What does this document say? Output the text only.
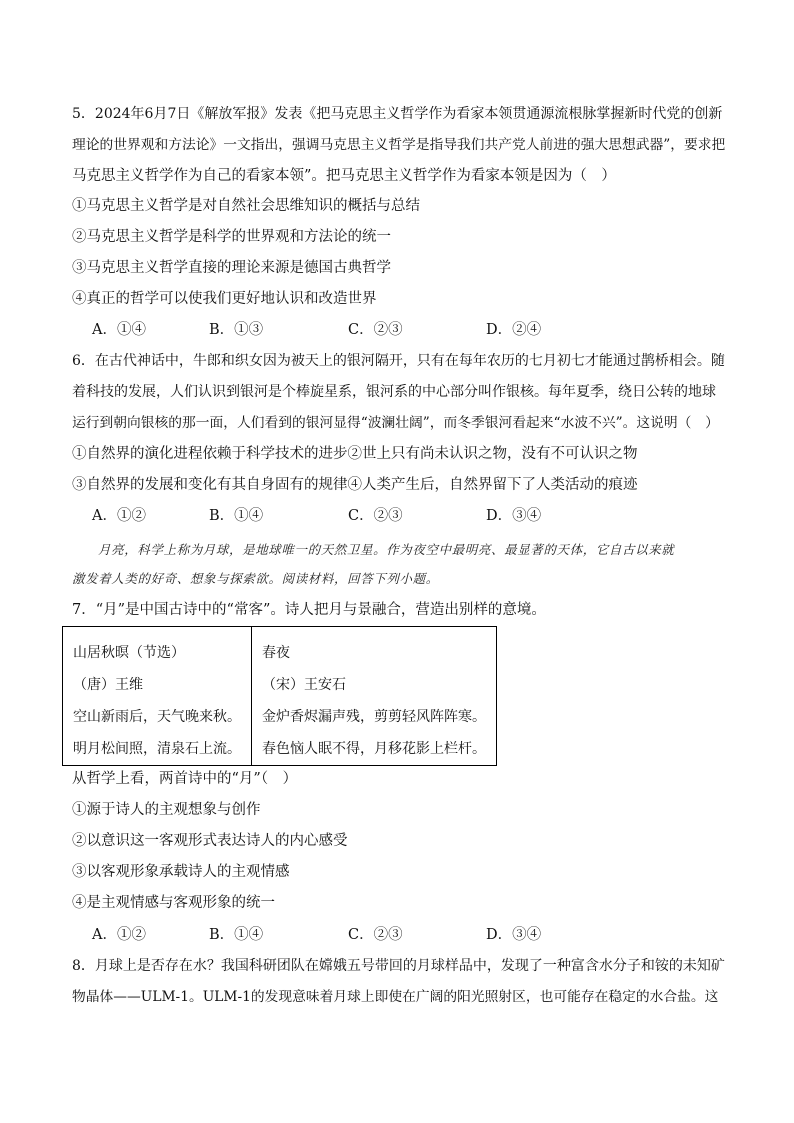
5．2024年6月7日《解放军报》发表《把马克思主义哲学作为看家本领贯通源流根脉掌握新时代党的创新
理论的世界观和方法论》一文指出，强调马克思主义哲学是指导我们共产党人前进的强大思想武器”，要求把
马克思主义哲学作为自己的看家本领”。把马克思主义哲学作为看家本领是因为（　）
①马克思主义哲学是对自然社会思维知识的概括与总结
②马克思主义哲学是科学的世界观和方法论的统一
③马克思主义哲学直接的理论来源是德国古典哲学
④真正的哲学可以使我们更好地认识和改造世界
A．①④	B．①③	C．②③	D．②④
6．在古代神话中，牛郎和织女因为被天上的银河隔开，只有在每年农历的七月初七才能通过鹊桥相会。随
着科技的发展，人们认识到银河是个棒旋星系，银河系的中心部分叫作银核。每年夏季，绕日公转的地球
运行到朝向银核的那一面，人们看到的银河显得“波澜壮阔”，而冬季银河看起来“水波不兴”。这说明（　）
①自然界的演化进程依赖于科学技术的进步②世上只有尚未认识之物，没有不可认识之物
③自然界的发展和变化有其自身固有的规律④人类产生后，自然界留下了人类活动的痕迹
A．①②	B．①④	C．②③	D．③④
月亮，科学上称为月球，是地球唯一的天然卫星。作为夜空中最明亮、最显著的天体，它自古以来就
激发着人类的好奇、想象与探索欲。阅读材料，回答下列小题。
7．“月”是中国古诗中的“常客”。诗人把月与景融合，营造出别样的意境。
山居秋暝（节选）
（唐）王维
空山新雨后，天气晚来秋。
明月松间照，清泉石上流。

春夜
（宋）王安石
金炉香烬漏声残，剪剪轻风阵阵寒。
春色恼人眠不得，月移花影上栏杆。
从哲学上看，两首诗中的“月”（　）
①源于诗人的主观想象与创作
②以意识这一客观形式表达诗人的内心感受
③以客观形象承载诗人的主观情感
④是主观情感与客观形象的统一
A．①②	B．①④	C．②③	D．③④
8．月球上是否存在水？我国科研团队在嫦娥五号带回的月球样品中，发现了一种富含水分子和铵的未知矿
物晶体——ULM-1。ULM-1的发现意味着月球上即使在广阔的阳光照射区，也可能存在稳定的水合盐。这
